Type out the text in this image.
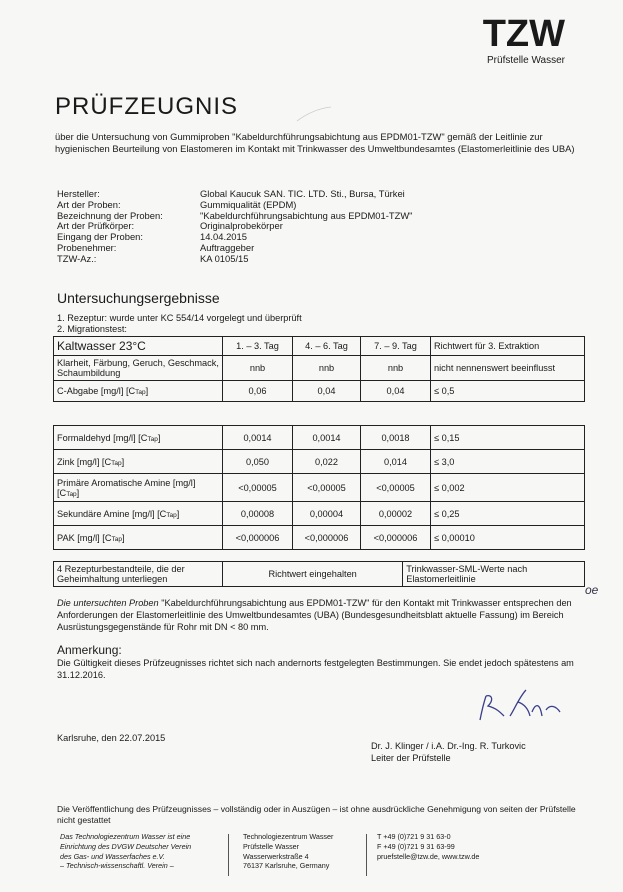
TZW
Prüfstelle Wasser
PRÜFZEUGNIS
über die Untersuchung von Gummiproben "Kabeldurchführungsabichtung aus EPDM01-TZW" gemäß der Leitlinie zur hygienischen Beurteilung von Elastomeren im Kontakt mit Trinkwasser des Umweltbundesamtes (Elastomerleitlinie des UBA)
Hersteller:	Global Kaucuk SAN. TIC. LTD. Sti., Bursa, Türkei
Art der Proben:	Gummiqualität (EPDM)
Bezeichnung der Proben:	"Kabeldurchführungsabichtung aus EPDM01-TZW"
Art der Prüfkörper:	Originalprobekörper
Eingang der Proben:	14.04.2015
Probenehmer:	Auftraggeber
TZW-Az.:	KA 0105/15
Untersuchungsergebnisse
1. Rezeptur: wurde unter KC 554/14 vorgelegt und überprüft
2. Migrationstest:
Kaltwasser 23°C	1. – 3. Tag	4. – 6. Tag	7. – 9. Tag	Richtwert für 3. Extraktion
Klarheit, Färbung, Geruch, Geschmack, Schaumbildung	nnb	nnb	nnb	nicht nennenswert beeinflusst
C-Abgabe [mg/l] [CTap]	0,06	0,04	0,04	≤ 0,5
Formaldehyd [mg/l] [CTap]	0,0014	0,0014	0,0018	≤ 0,15
Zink [mg/l] [CTap]	0,050	0,022	0,014	≤ 3,0
Primäre Aromatische Amine [mg/l] [CTap]	<0,00005	<0,00005	<0,00005	≤ 0,002
Sekundäre Amine [mg/l] [CTap]	0,00008	0,00004	0,00002	≤ 0,25
PAK [mg/l] [CTap]	<0,000006	<0,000006	<0,000006	≤ 0,00010
4 Rezepturbestandteile, die der Geheimhaltung unterliegen	Richtwert eingehalten	Trinkwasser-SML-Werte nach Elastomerleitlinie
Die untersuchten Proben "Kabeldurchführungsabichtung aus EPDM01-TZW" für den Kontakt mit Trinkwasser entsprechen den Anforderungen der Elastomerleitlinie des Umweltbundesamtes (UBA) (Bundesgesundheitsblatt aktuelle Fassung) im Bereich Ausrüstungsgegenstände für Rohr mit DN < 80 mm.
oe
Anmerkung:
Die Gültigkeit dieses Prüfzeugnisses richtet sich nach andernorts festgelegten Bestimmungen. Sie endet jedoch spätestens am 31.12.2016.
Karlsruhe, den 22.07.2015
Dr. J. Klinger / i.A. Dr.-Ing. R. Turkovic
Leiter der Prüfstelle
Die Veröffentlichung des Prüfzeugnisses – vollständig oder in Auszügen – ist ohne ausdrückliche Genehmigung von seiten der Prüfstelle nicht gestattet
Das Technologiezentrum Wasser ist eine
Einrichtung des DVGW Deutscher Verein
des Gas- und Wasserfaches e.V.
– Technisch-wissenschaftl. Verein –
Technologiezentrum Wasser
Prüfstelle Wasser
Wasserwerkstraße 4
76137 Karlsruhe, Germany
T +49 (0)721 9 31 63-0
F +49 (0)721 9 31 63-99
pruefstelle@tzw.de, www.tzw.de
